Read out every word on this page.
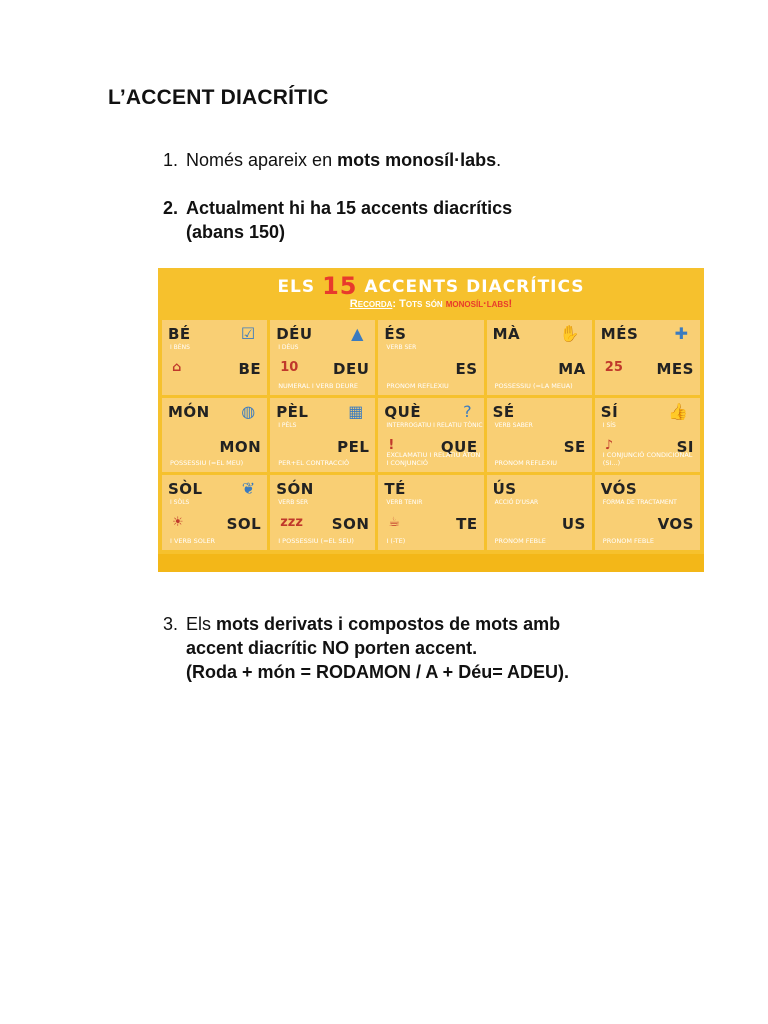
L’ACCENT DIACRÍTIC
1. Només apareix en mots monosíl·labs.
2. Actualment hi ha 15 accents diacrítics
(abans 150)
ELS 15 ACCENTS DIACRÍTICS
Recorda: Tots són monosíl·labs!
BÉ
I BÉNS
BE
☑
⌂
DÉU
I DÉUS
DEU
NUMERAL I VERB DEURE
▲
10
ÉS
VERB SER
ES
PRONOM REFLEXIU
MÀ
MA
POSSESSIU (=LA MEUA)
✋ MÉS
MES
✚
25
MÓN
MON
POSSESSIU (=EL MEU)
◍ PÈL
I PÈLS
PEL
PER+EL CONTRACCIÓ
▦ QUÈ
INTERROGATIU I RELATIU TÒNIC
QUE
EXCLAMATIU I RELATIU ÀTON I CONJUNCIÓ
?
!
SÉ
VERB SABER
SE
PRONOM REFLEXIU
SÍ
I SÍS
SI
I CONJUNCIÓ CONDICIONAL (SI...)
👍
♪
SÒL
I SÒLS
SOL
I VERB SOLER
❦
☀
SÓN
VERB SER
SON
I POSSESSIU (=EL SEU)
zzz
TÉ
VERB TENIR
TE
I (-TE)
☕
ÚS
ACCIÓ D'USAR
US
PRONOM FEBLE
VÓS
FORMA DE TRACTAMENT
VOS
PRONOM FEBLE
3. Els mots derivats i compostos de mots amb
accent diacrític NO porten accent.
(Roda + món = RODAMON / A + Déu= ADEU).
